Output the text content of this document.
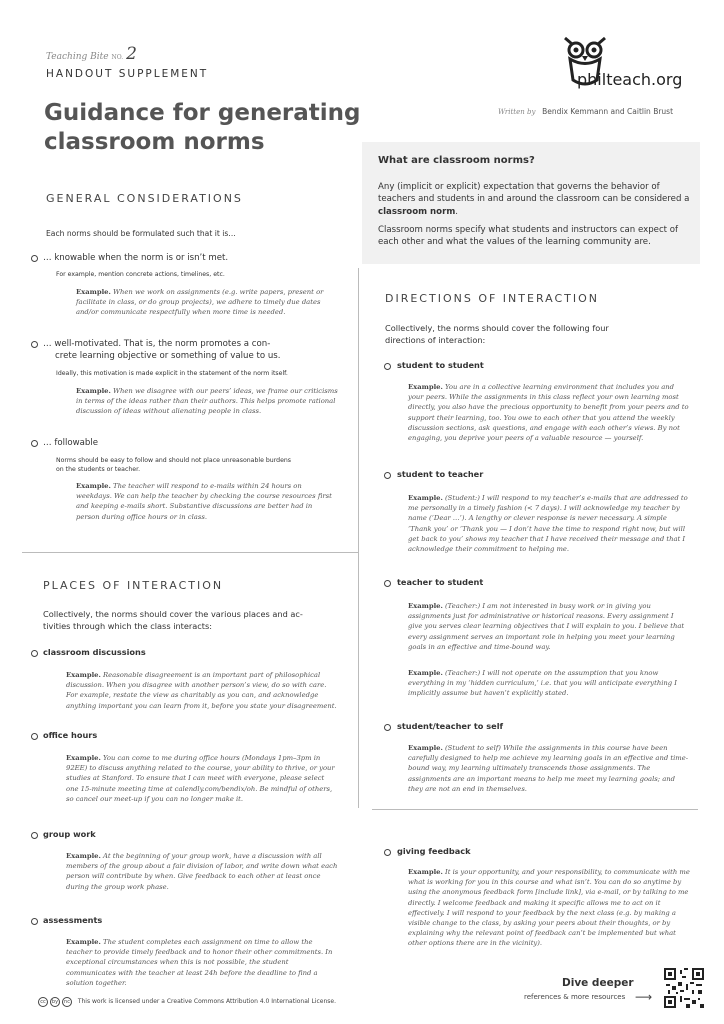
Teaching Bite NO. 2
HANDOUT SUPPLEMENT
Guidance for generating
classroom norms
philteach.org
Written by Bendix Kemmann and Caitlin Brust
What are classroom norms?

Any (implicit or explicit) expectation that governs the behavior of teachers and students in and around the classroom can be considered a classroom norm.

Classroom norms specify what students and instructors can expect of each other and what the values of the learning community are.

GENERAL CONSIDERATIONS
Each norms should be formulated such that it is…
… knowable when the norm is or isn’t met.
For example, mention concrete actions, timelines, etc.
Example. When we work on assignments (e.g. write papers, present or facilitate in class, or do group projects), we adhere to timely due dates and/or communicate respectfully when more time is needed.
… well-motivated. That is, the norm promotes a con-
crete learning objective or something of value to us.
Ideally, this motivation is made explicit in the statement of the norm itself.
Example. When we disagree with our peers’ ideas, we frame our criticisms in terms of the ideas rather than their authors. This helps promote rational discussion of ideas without alienating people in class.
… followable
Norms should be easy to follow and should not place unreasonable burdens
on the students or teacher.
Example. The teacher will respond to e-mails within 24 hours on weekdays. We can help the teacher by checking the course resources first and keeping e-mails short. Substantive discussions are better had in person during office hours or in class.
PLACES OF INTERACTION
Collectively, the norms should cover the various places and ac-
tivities through which the class interacts:
classroom discussions
Example. Reasonable disagreement is an important part of philosophical discussion. When you disagree with another person’s view, do so with care. For example, restate the view as charitably as you can, and acknowledge anything important you can learn from it, before you state your disagreement.
office hours
Example. You can come to me during office hours (Mondays 1pm–3pm in 92EE) to discuss anything related to the course, your ability to thrive, or your studies at Stanford. To ensure that I can meet with everyone, please select one 15-minute meeting time at calendly.com/bendix/oh. Be mindful of others, so cancel our meet-up if you can no longer make it.
group work
Example. At the beginning of your group work, have a discussion with all members of the group about a fair division of labor, and write down what each person will contribute by when. Give feedback to each other at least once during the group work phase.
assessments
Example. The student completes each assignment on time to allow the teacher to provide timely feedback and to honor their other commitments. In exceptional circumstances when this is not possible, the student communicates with the teacher at least 24h before the deadline to find a solution together.
DIRECTIONS OF INTERACTION
Collectively, the norms should cover the following four
directions of interaction:
student to student
Example. You are in a collective learning environment that includes you and your peers. While the assignments in this class reflect your own learning most directly, you also have the precious opportunity to benefit from your peers and to support their learning, too. You owe to each other that you attend the weekly discussion sections, ask questions, and engage with each other’s views. By not engaging, you deprive your peers of a valuable resource — yourself.
student to teacher
Example. (Student:) I will respond to my teacher’s e-mails that are addressed to me personally in a timely fashion (< 7 days). I will acknowledge my teacher by name (‘Dear …’). A lengthy or clever response is never necessary. A simple ‘Thank you’ or ‘Thank you — I don’t have the time to respond right now, but will get back to you’ shows my teacher that I have received their message and that I acknowledge their commitment to helping me.
teacher to student
Example. (Teacher:) I am not interested in busy work or in giving you assignments just for administrative or historical reasons. Every assignment I give you serves clear learning objectives that I will explain to you. I believe that every assignment serves an important role in helping you meet your learning goals in an effective and time-bound way.
Example. (Teacher:) I will not operate on the assumption that you know everything in my ‘hidden curriculum,’ i.e. that you will anticipate everything I implicitly assume but haven’t explicitly stated.
student/teacher to self
Example. (Student to self) While the assignments in this course have been carefully designed to help me achieve my learning goals in an effective and time-bound way, my learning ultimately transcends those assignments. The assignments are an important means to help me meet my learning goals; and they are not an end in themselves.
giving feedback
Example. It is your opportunity, and your responsibility, to communicate with me what is working for you in this course and what isn’t. You can do so anytime by using the anonymous feedback form [include link], via e-mail, or by talking to me directly. I welcome feedback and making it specific allows me to act on it effectively. I will respond to your feedback by the next class (e.g. by making a visible change to the class, by asking your peers about their thoughts, or by explaining why the relevant point of feedback can’t be implemented but what other options there are in the vicinity).
cc by nc This work is licensed under a Creative Commons Attribution 4.0 International License.
Dive deeper
references & more resources ⟶
